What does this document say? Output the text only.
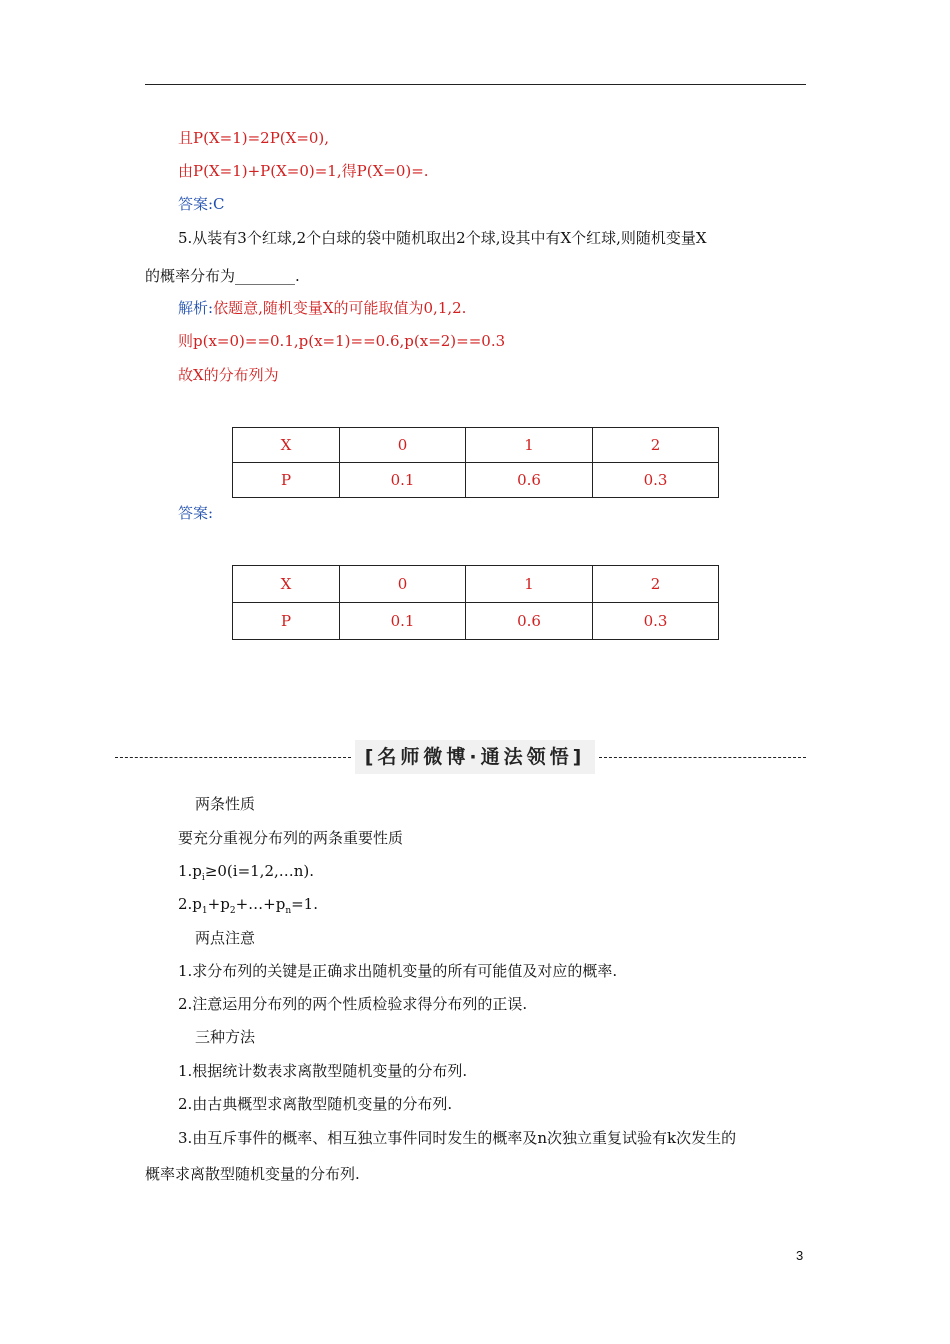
且P(X=1)=2P(X=0),
由P(X=1)+P(X=0)=1,得P(X=0)=.
答案:C
5.从装有3个红球,2个白球的袋中随机取出2个球,设其中有X个红球,则随机变量X
的概率分布为________.
解析:依题意,随机变量X的可能取值为0,1,2.
则p(x=0)==0.1,p(x=1)==0.6,p(x=2)==0.3
故X的分布列为
X	0	1	2
P	0.1	0.6	0.3
答案:
X	0	1	2
P	0.1	0.6	0.3
[名师微博·通法领悟]
两条性质
要充分重视分布列的两条重要性质
$1.p_i\ge 0(i=1,2,\dots n)$.
$2.p_1+p_2+\dots+p_n=1$.
两点注意
1.求分布列的关键是正确求出随机变量的所有可能值及对应的概率.
2.注意运用分布列的两个性质检验求得分布列的正误.
三种方法
1.根据统计数表求离散型随机变量的分布列.
2.由古典概型求离散型随机变量的分布列.
3.由互斥事件的概率、相互独立事件同时发生的概率及n次独立重复试验有k次发生的
概率求离散型随机变量的分布列.
3
